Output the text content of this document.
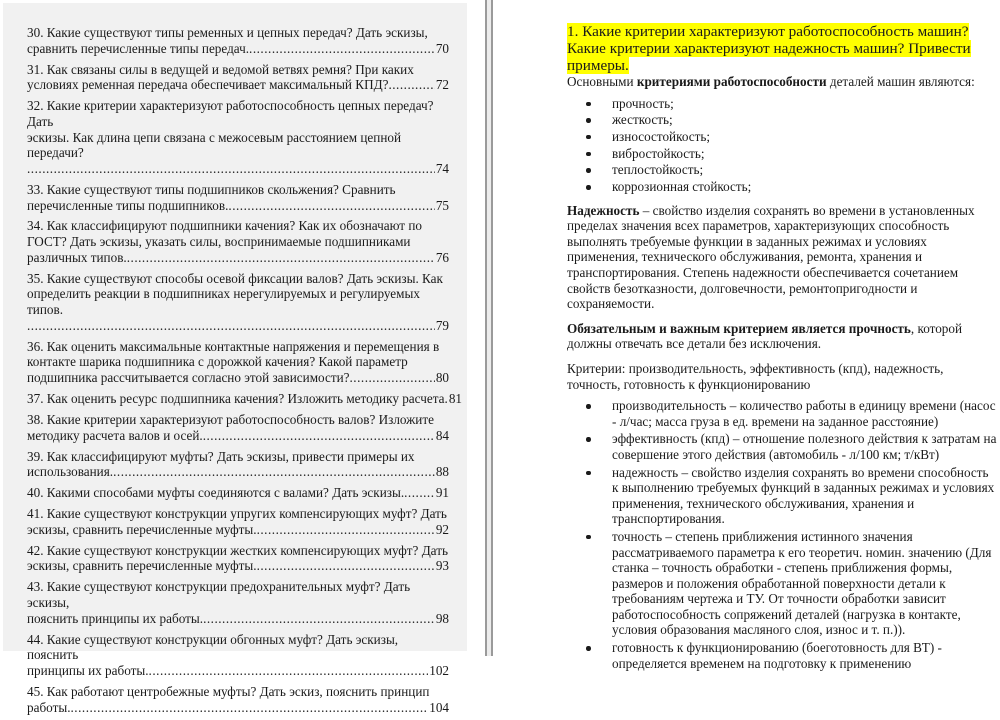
30. Какие существуют типы ременных и цепных передач? Дать эскизы,
сравнить перечисленные типы передач. .....	70
31. Как связаны силы в ведущей и ведомой ветвях ремня? При каких
условиях ременная передача обеспечивает максимальный КПД? .....	72
32. Какие критерии характеризуют работоспособность цепных передач? Дать
эскизы. Как длина цепи связана с межосевым расстоянием цепной передачи?
.....
74
33. Какие существуют типы подшипников скольжения? Сравнить
перечисленные типы подшипников. .....	75
34. Как классифицируют подшипники качения? Как их обозначают по
ГОСТ? Дать эскизы, указать силы, воспринимаемые подшипниками
различных типов. .....	76
35. Какие существуют способы осевой фиксации валов? Дать эскизы. Как
определить реакции в подшипниках нерегулируемых и регулируемых типов.
.....
79
36. Как оценить максимальные контактные напряжения и перемещения в
контакте шарика подшипника с дорожкой качения? Какой параметр
подшипника рассчитывается согласно этой зависимости? .....	80
37. Как оценить ресурс подшипника качения? Изложить методику расчета. 81
38. Какие критерии характеризуют работоспособность валов? Изложите
методику расчета валов и осей. .....	84
39. Как классифицируют муфты? Дать эскизы, привести примеры их
использования. .....	88
40. Какими способами муфты соединяются с валами? Дать эскизы. ..... 91
41. Какие существуют конструкции упругих компенсирующих муфт? Дать
эскизы, сравнить перечисленные муфты. .....	92
42. Какие существуют конструкции жестких компенсирующих муфт? Дать
эскизы, сравнить перечисленные муфты. .....	93
43. Какие существуют конструкции предохранительных муфт? Дать эскизы,
пояснить принципы их работы. .....	98
44. Какие существуют конструкции обгонных муфт? Дать эскизы, пояснить
принципы их работы. .....	102
45. Как работают центробежные муфты? Дать эскиз, пояснить принцип
работы. .....	104

1. Какие критерии характеризуют работоспособность машин? Какие критерии характеризуют надежность машин? Привести примеры.

Основными критериями работоспособности деталей машин являются:

прочность;
жесткость;
износостойкость;
вибростойкость;
теплостойкость;
коррозионная стойкость;

Надежность – свойство изделия сохранять во времени в установленных пределах значения всех параметров, характеризующих способность выполнять требуемые функции в заданных режимах и условиях применения, технического обслуживания, ремонта, хранения и транспортирования. Степень надежности обеспечивается сочетанием свойств безотказности, долговечности, ремонтопригодности и сохраняемости.

Обязательным и важным критерием является прочность, которой должны отвечать все детали без исключения.

Критерии: производительность, эффективность (кпд), надежность, точность, готовность к функционированию

производительность – количество работы в единицу времени (насос - л/час; масса груза в ед. времени на заданное расстояние)
эффективность (кпд) – отношение полезного действия к затратам на совершение этого действия (автомобиль - л/100 км; т/кВт)
надежность – свойство изделия сохранять во времени способность к выполнению требуемых функций в заданных режимах и условиях применения, технического обслуживания, хранения и транспортирования.
точность – степень приближения истинного значения рассматриваемого параметра к его теоретич. номин. значению (Для станка – точность обработки - степень приближения формы, размеров и положения обработанной поверхности детали к требованиям чертежа и ТУ. От точности обработки зависит работоспособность сопряжений деталей (нагрузка в контакте, условия образования масляного слоя, износ и т. п.)).
готовность к функционированию (боеготовность для ВТ) - определяется временем на подготовку к применению
